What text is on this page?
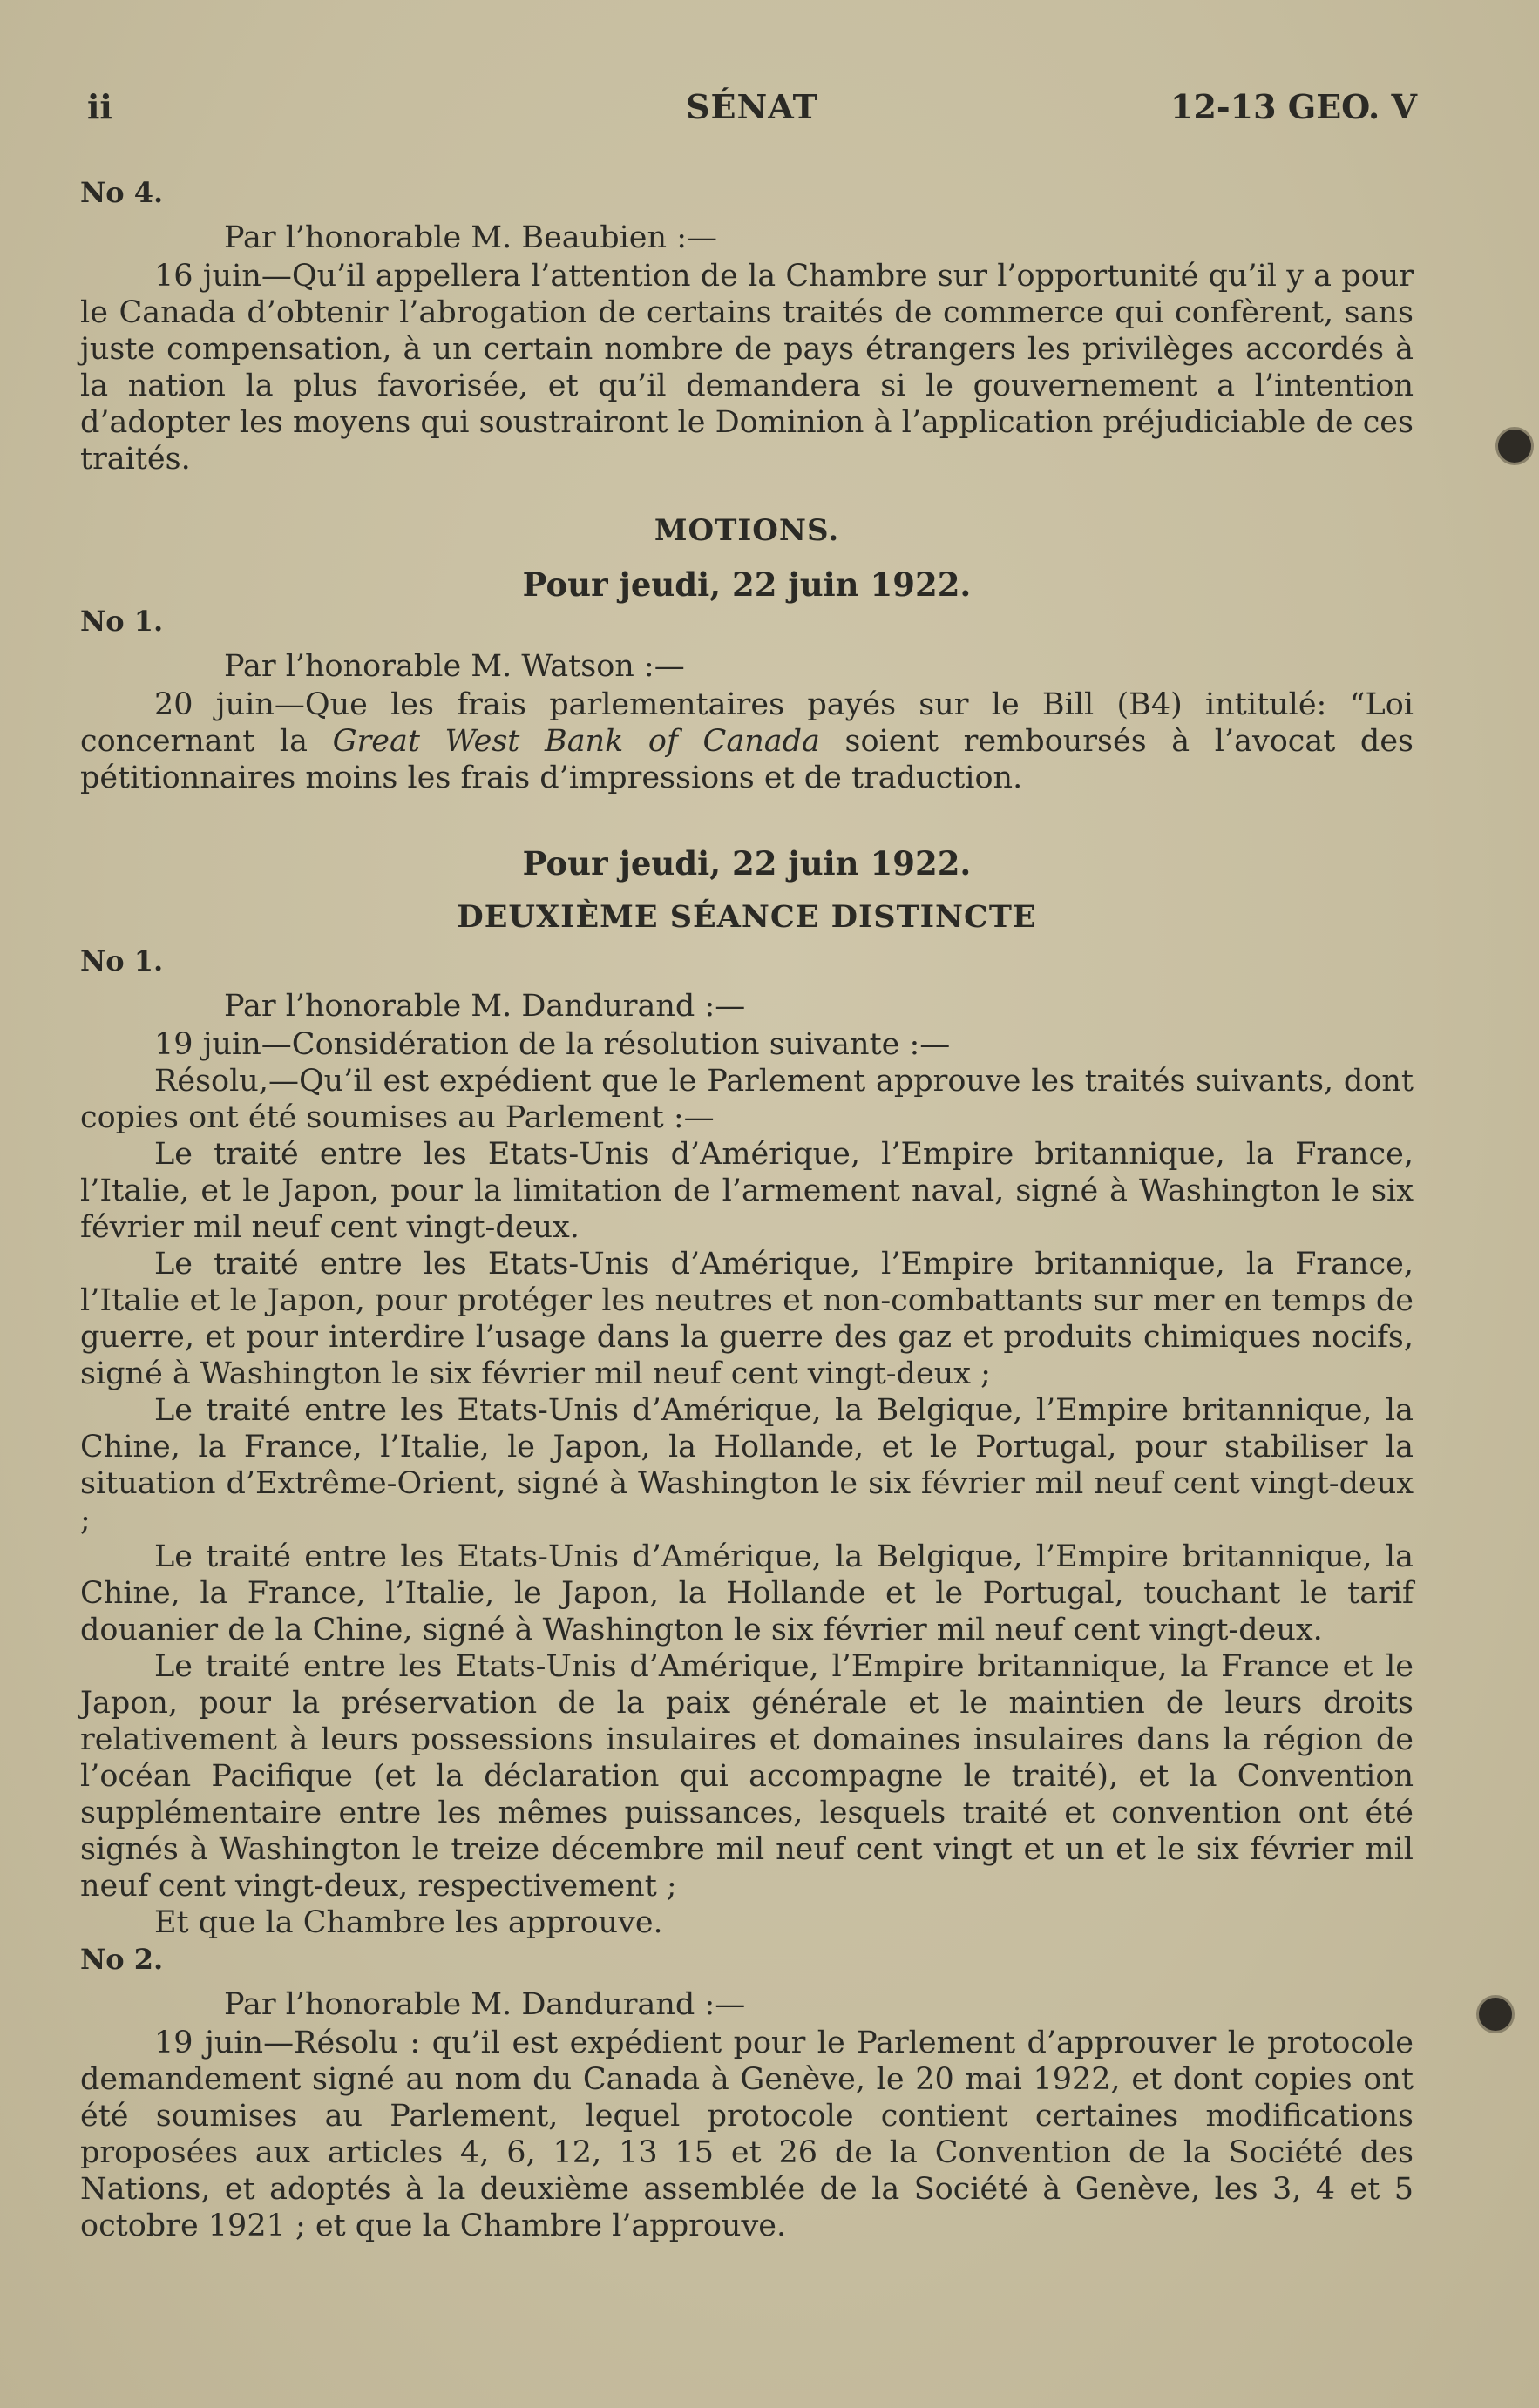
ii	SÉNAT	12-13 GEO. V

No 4.

Par l’honorable M. Beaubien :—

16 juin—Qu’il appellera l’attention de la Chambre sur l’opportunité qu’il y a pour le Canada d’obtenir l’abrogation de certains traités de commerce qui confèrent, sans juste compensation, à un certain nombre de pays étrangers les privilèges accordés à la nation la plus favorisée, et qu’il demandera si le gouvernement a l’intention d’adopter les moyens qui soustrairont le Dominion à l’application préjudiciable de ces traités.

MOTIONS.

Pour jeudi, 22 juin 1922.

No 1.

Par l’honorable M. Watson :—

20 juin—Que les frais parlementaires payés sur le Bill (B4) intitulé: “Loi concernant la Great West Bank of Canada soient remboursés à l’avocat des pétitionnaires moins les frais d’impressions et de traduction.

Pour jeudi, 22 juin 1922.

DEUXIÈME SÉANCE DISTINCTE

No 1.

Par l’honorable M. Dandurand :—

19 juin—Considération de la résolution suivante :—

Résolu,—Qu’il est expédient que le Parlement approuve les traités suivants, dont copies ont été soumises au Parlement :—

Le traité entre les Etats-Unis d’Amérique, l’Empire britannique, la France, l’Italie, et le Japon, pour la limitation de l’armement naval, signé à Washington le six février mil neuf cent vingt-deux.

Le traité entre les Etats-Unis d’Amérique, l’Empire britannique, la France, l’Italie et le Japon, pour protéger les neutres et non-combattants sur mer en temps de guerre, et pour interdire l’usage dans la guerre des gaz et produits chimiques nocifs, signé à Washington le six février mil neuf cent vingt-deux ;

Le traité entre les Etats-Unis d’Amérique, la Belgique, l’Empire britannique, la Chine, la France, l’Italie, le Japon, la Hollande, et le Portugal, pour stabiliser la situation d’Extrême-Orient, signé à Washington le six février mil neuf cent vingt-deux ;

Le traité entre les Etats-Unis d’Amérique, la Belgique, l’Empire britannique, la Chine, la France, l’Italie, le Japon, la Hollande et le Portugal, touchant le tarif douanier de la Chine, signé à Washington le six février mil neuf cent vingt-deux.

Le traité entre les Etats-Unis d’Amérique, l’Empire britannique, la France et le Japon, pour la préservation de la paix générale et le maintien de leurs droits relativement à leurs possessions insulaires et domaines insulaires dans la région de l’océan Pacifique (et la déclaration qui accompagne le traité), et la Convention supplémentaire entre les mêmes puissances, lesquels traité et convention ont été signés à Washington le treize décembre mil neuf cent vingt et un et le six février mil neuf cent vingt-deux, respectivement ;

Et que la Chambre les approuve.

No 2.

Par l’honorable M. Dandurand :—

19 juin—Résolu : qu’il est expédient pour le Parlement d’approuver le protocole demandement signé au nom du Canada à Genève, le 20 mai 1922, et dont copies ont été soumises au Parlement, lequel protocole contient certaines modifications proposées aux articles 4, 6, 12, 13 15 et 26 de la Convention de la Société des Nations, et adoptés à la deuxième assemblée de la Société à Genève, les 3, 4 et 5 octobre 1921 ; et que la Chambre l’approuve.
